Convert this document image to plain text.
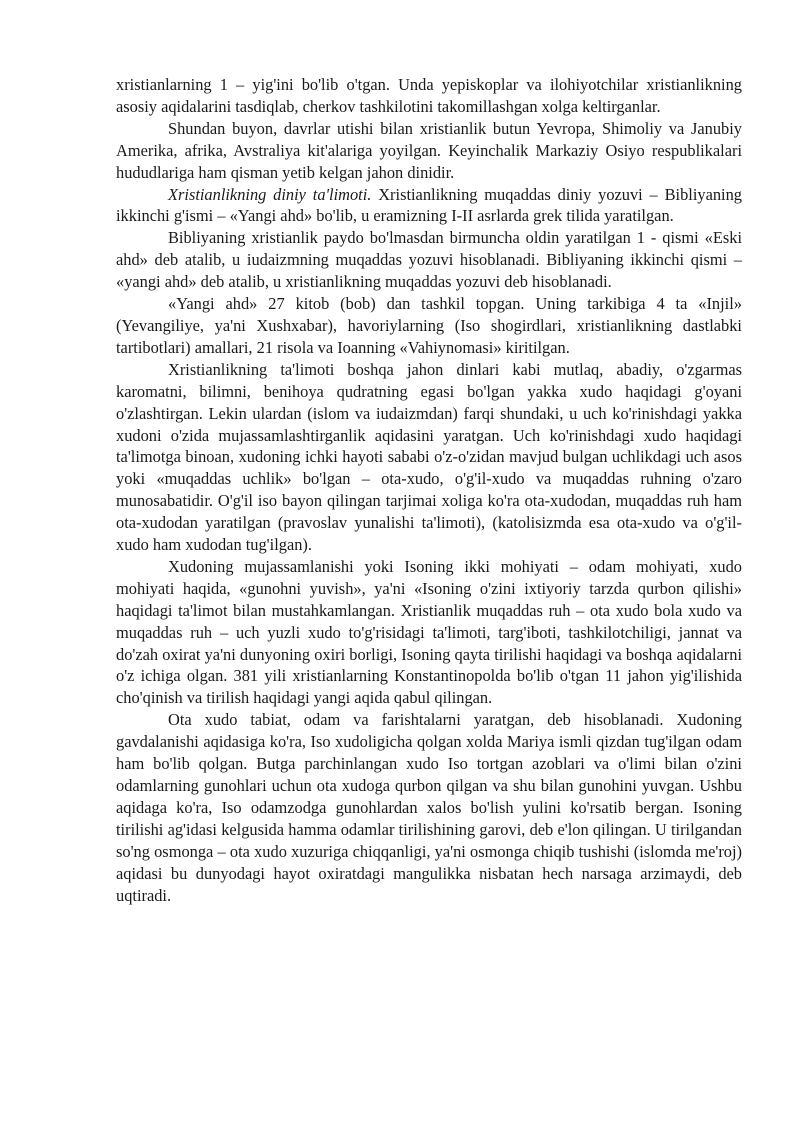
xristianlarning 1 – yig'ini bo'lib o'tgan. Unda yepiskoplar va ilohiyotchilar xristianlikning asosiy aqidalarini tasdiqlab, cherkov tashkilotini takomillashgan xolga keltirganlar.

Shundan buyon, davrlar utishi bilan xristianlik butun Yevropa, Shimoliy va Janubiy Amerika, afrika, Avstraliya kit'alariga yoyilgan. Keyinchalik Markaziy Osiyo respublikalari hududlariga ham qisman yetib kelgan jahon dinidir.

Xristianlikning diniy ta'limoti. Xristianlikning muqaddas diniy yozuvi – Bibliyaning ikkinchi g'ismi – «Yangi ahd» bo'lib, u eramizning I-II asrlarda grek tilida yaratilgan.

Bibliyaning xristianlik paydo bo'lmasdan birmuncha oldin yaratilgan 1 - qismi «Eski ahd» deb atalib, u iudaizmning muqaddas yozuvi hisoblanadi. Bibliyaning ikkinchi qismi – «yangi ahd» deb atalib, u xristianlikning muqaddas yozuvi deb hisoblanadi.

«Yangi ahd» 27 kitob (bob) dan tashkil topgan. Uning tarkibiga 4 ta «Injil» (Yevangiliye, ya'ni Xushxabar), havoriylarning (Iso shogirdlari, xristianlikning dastlabki tartibotlari) amallari, 21 risola va Ioanning «Vahiynomasi» kiritilgan.

Xristianlikning ta'limoti boshqa jahon dinlari kabi mutlaq, abadiy, o'zgarmas karomatni, bilimni, benihoya qudratning egasi bo'lgan yakka xudo haqidagi g'oyani o'zlashtirgan. Lekin ulardan (islom va iudaizmdan) farqi shundaki, u uch ko'rinishdagi yakka xudoni o'zida mujassamlashtirganlik aqidasini yaratgan. Uch ko'rinishdagi xudo haqidagi ta'limotga binoan, xudoning ichki hayoti sababi o'z-o'zidan mavjud bulgan uchlikdagi uch asos yoki «muqaddas uchlik» bo'lgan – ota-xudo, o'g'il-xudo va muqaddas ruhning o'zaro munosabatidir. O'g'il iso bayon qilingan tarjimai xoliga ko'ra ota-xudodan, muqaddas ruh ham ota-xudodan yaratilgan (pravoslav yunalishi ta'limoti), (katolisizmda esa ota-xudo va o'g'il-xudo ham xudodan tug'ilgan).

Xudoning mujassamlanishi yoki Isoning ikki mohiyati – odam mohiyati, xudo mohiyati haqida, «gunohni yuvish», ya'ni «Isoning o'zini ixtiyoriy tarzda qurbon qilishi» haqidagi ta'limot bilan mustahkamlangan. Xristianlik muqaddas ruh – ota xudo bola xudo va muqaddas ruh – uch yuzli xudo to'g'risidagi ta'limoti, targ'iboti, tashkilotchiligi, jannat va do'zah oxirat ya'ni dunyoning oxiri borligi, Isoning qayta tirilishi haqidagi va boshqa aqidalarni o'z ichiga olgan. 381 yili xristianlarning Konstantinopolda bo'lib o'tgan 11 jahon yig'ilishida cho'qinish va tirilish haqidagi yangi aqida qabul qilingan.

Ota xudo tabiat, odam va farishtalarni yaratgan, deb hisoblanadi. Xudoning gavdalanishi aqidasiga ko'ra, Iso xudoligicha qolgan xolda Mariya ismli qizdan tug'ilgan odam ham bo'lib qolgan. Butga parchinlangan xudo Iso tortgan azoblari va o'limi bilan o'zini odamlarning gunohlari uchun ota xudoga qurbon qilgan va shu bilan gunohini yuvgan. Ushbu aqidaga ko'ra, Iso odamzodga gunohlardan xalos bo'lish yulini ko'rsatib bergan. Isoning tirilishi ag'idasi kelgusida hamma odamlar tirilishining garovi, deb e'lon qilingan. U tirilgandan so'ng osmonga – ota xudo xuzuriga chiqqanligi, ya'ni osmonga chiqib tushishi (islomda me'roj) aqidasi bu dunyodagi hayot oxiratdagi mangulikka nisbatan hech narsaga arzimaydi, deb uqtiradi.
